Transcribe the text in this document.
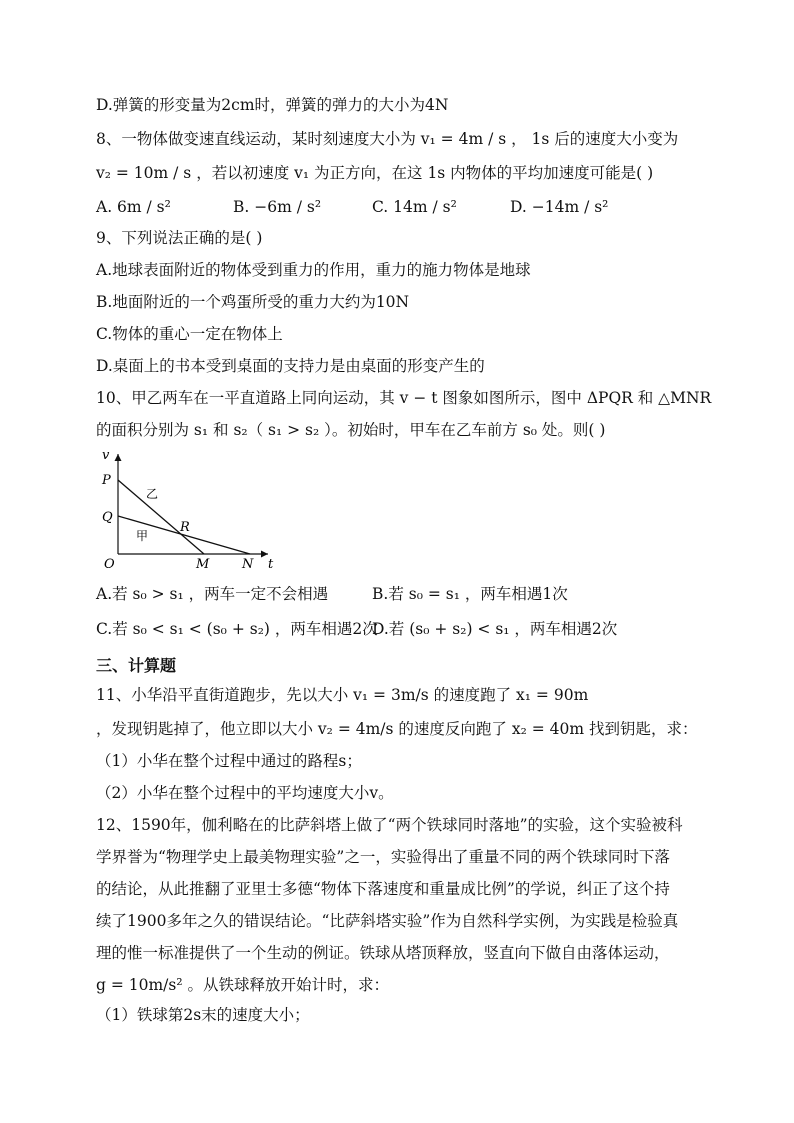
D.弹簧的形变量为2cm时，弹簧的弹力的大小为4N
8、一物体做变速直线运动，某时刻速度大小为 v₁ = 4m / s ， 1s 后的速度大小变为
v₂ = 10m / s ，若以初速度 v₁ 为正方向，在这 1s 内物体的平均加速度可能是( )
A. 6m / s²	B. −6m / s²	C. 14m / s²	D. −14m / s²
9、下列说法正确的是( )
A.地球表面附近的物体受到重力的作用，重力的施力物体是地球
B.地面附近的一个鸡蛋所受的重力大约为10N
C.物体的重心一定在物体上
D.桌面上的书本受到桌面的支持力是由桌面的形变产生的
10、甲乙两车在一平直道路上同向运动，其 v − t 图象如图所示，图中 ΔPQR 和 △MNR
的面积分别为 s₁ 和 s₂（ s₁ > s₂ ）。初始时，甲车在乙车前方 s₀ 处。则( )
v
t
P
Q
R
O	M	N
乙
甲
A.若 s₀ > s₁ ，两车一定不会相遇	B.若 s₀ = s₁ ，两车相遇1次
C.若 s₀ < s₁ < (s₀ + s₂) ，两车相遇2次
D.若 (s₀ + s₂) < s₁ ，两车相遇2次
三、计算题
11、小华沿平直街道跑步，先以大小 v₁ = 3m/s 的速度跑了 x₁ = 90m
，发现钥匙掉了，他立即以大小 v₂ = 4m/s 的速度反向跑了 x₂ = 40m 找到钥匙，求：
（1）小华在整个过程中通过的路程s；
（2）小华在整个过程中的平均速度大小v。
12、1590年，伽利略在的比萨斜塔上做了“两个铁球同时落地”的实验，这个实验被科
学界誉为“物理学史上最美物理实验”之一，实验得出了重量不同的两个铁球同时下落
的结论，从此推翻了亚里士多德“物体下落速度和重量成比例”的学说，纠正了这个持
续了1900多年之久的错误结论。“比萨斜塔实验”作为自然科学实例，为实践是检验真
理的惟一标准提供了一个生动的例证。铁球从塔顶释放，竖直向下做自由落体运动，
g = 10m/s² 。从铁球释放开始计时，求：
（1）铁球第2s末的速度大小；
